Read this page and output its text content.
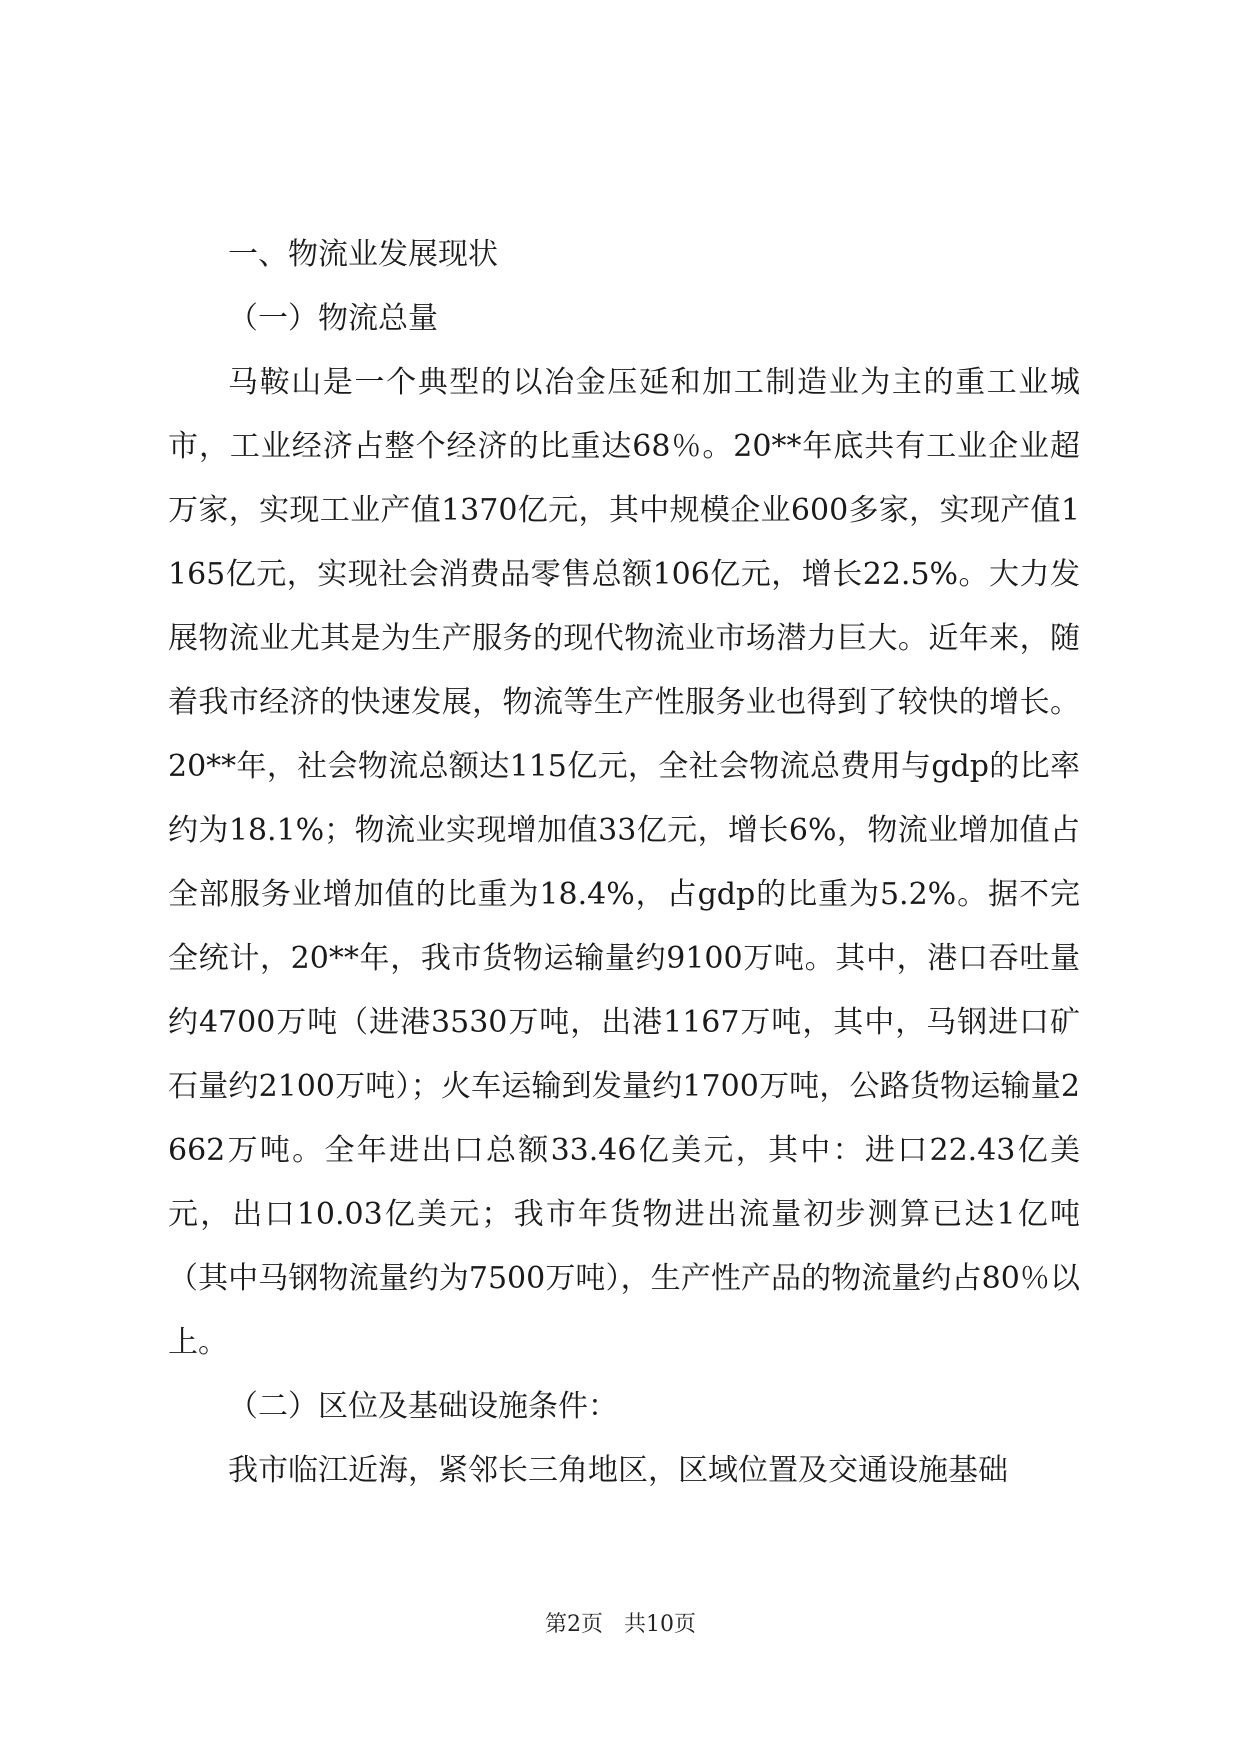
一、物流业发展现状

（一）物流总量

马鞍山是一个典型的以冶金压延和加工制造业为主的重工业城市，工业经济占整个经济的比重达68％。20**年底共有工业企业超万家，实现工业产值1370亿元，其中规模企业600多家，实现产值1165亿元，实现社会消费品零售总额106亿元，增长22.5%。大力发展物流业尤其是为生产服务的现代物流业市场潜力巨大。近年来，随着我市经济的快速发展，物流等生产性服务业也得到了较快的增长。20**年，社会物流总额达115亿元，全社会物流总费用与gdp的比率约为18.1%；物流业实现增加值33亿元，增长6%，物流业增加值占全部服务业增加值的比重为18.4%，占gdp的比重为5.2%。据不完全统计，20**年，我市货物运输量约9100万吨。其中，港口吞吐量约4700万吨（进港3530万吨，出港1167万吨，其中，马钢进口矿石量约2100万吨）；火车运输到发量约1700万吨，公路货物运输量2662万吨。全年进出口总额33.46亿美元，其中：进口22.43亿美元，出口10.03亿美元；我市年货物进出流量初步测算已达1亿吨（其中马钢物流量约为7500万吨），生产性产品的物流量约占80％以上。

（二）区位及基础设施条件：

我市临江近海，紧邻长三角地区，区域位置及交通设施基础

第2页 共10页
